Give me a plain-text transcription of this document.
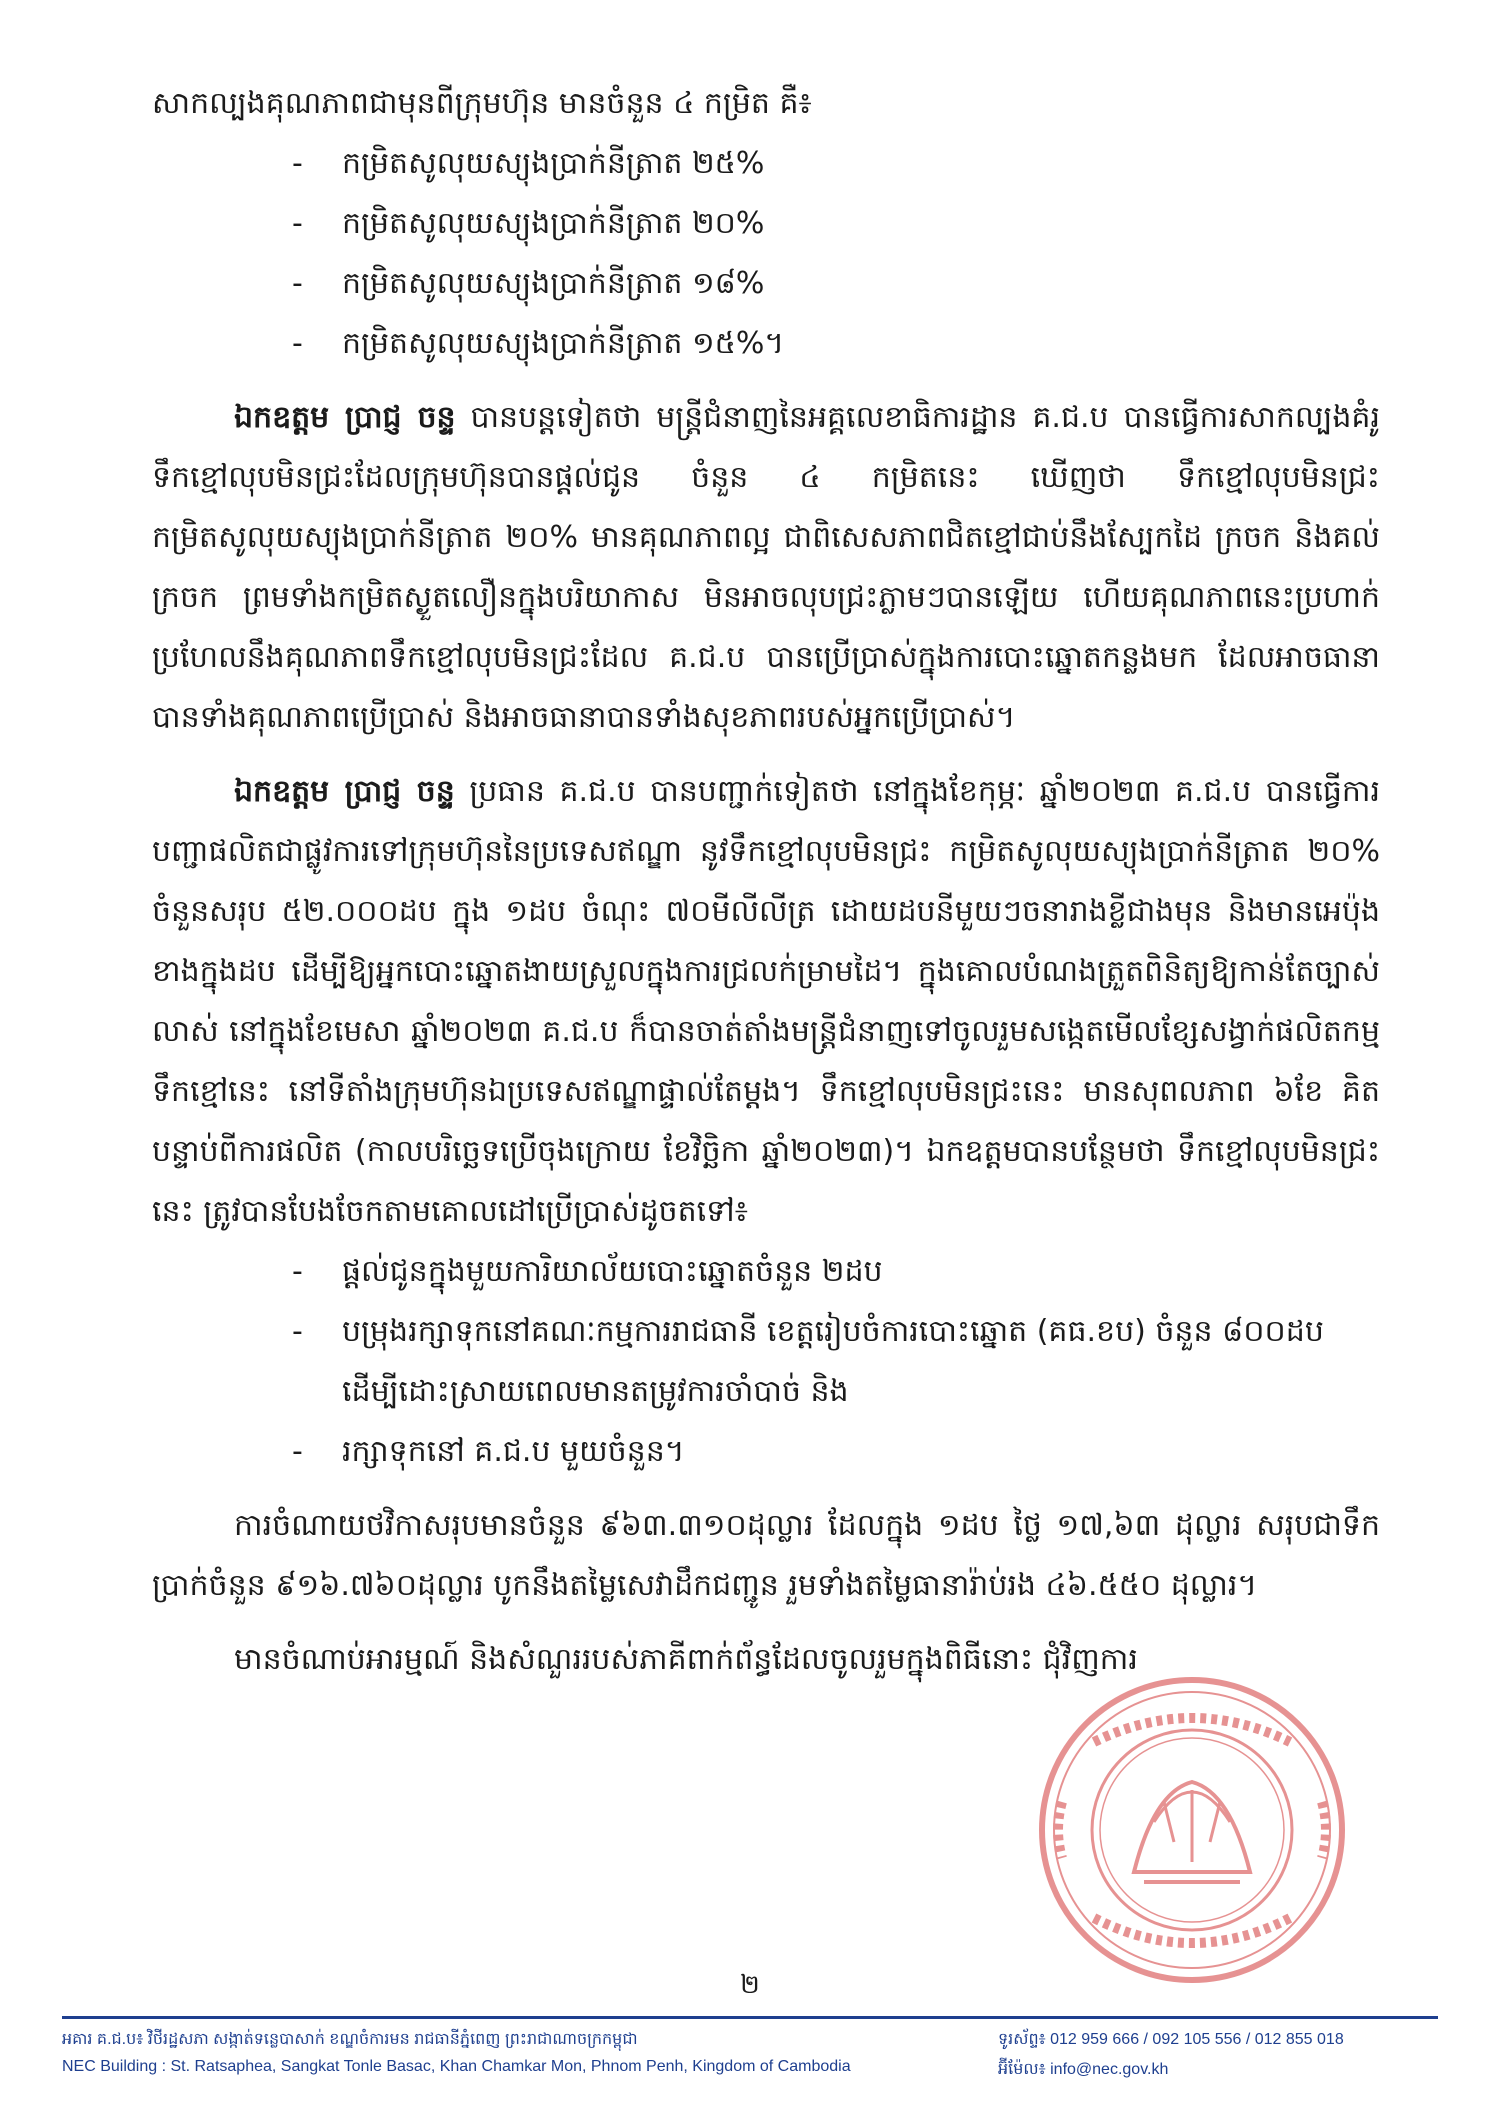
សាកល្បងគុណភាពជាមុនពីក្រុមហ៊ុន មានចំនួន ៤ កម្រិត គឺ៖

- កម្រិតសូលុយស្យុងប្រាក់នីត្រាត ២៥%
- កម្រិតសូលុយស្យុងប្រាក់នីត្រាត ២០%
- កម្រិតសូលុយស្យុងប្រាក់នីត្រាត ១៨%
- កម្រិតសូលុយស្យុងប្រាក់នីត្រាត ១៥%។

ឯកឧត្តម ប្រាជ្ញ ចន្ទ បានបន្តទៀតថា មន្ត្រីជំនាញនៃអគ្គលេខាធិការដ្ឋាន គ.ជ.ប បានធ្វើការសាកល្បងគំរូទឹកខ្មៅលុបមិនជ្រះដែលក្រុមហ៊ុនបានផ្តល់ជូន ចំនួន ៤ កម្រិតនេះ ឃើញថា ទឹកខ្មៅលុបមិនជ្រះកម្រិតសូលុយស្យុងប្រាក់នីត្រាត ២០% មានគុណភាពល្អ ជាពិសេសភាពជិតខ្មៅជាប់នឹងស្បែកដៃ ក្រចក និងគល់ក្រចក ព្រមទាំងកម្រិតស្ងួតលឿនក្នុងបរិយាកាស មិនអាចលុបជ្រះភ្លាមៗបានឡើយ ហើយគុណភាពនេះប្រហាក់ប្រហែលនឹងគុណភាពទឹកខ្មៅលុបមិនជ្រះដែល គ.ជ.ប បានប្រើប្រាស់ក្នុងការបោះឆ្នោតកន្លងមក ដែលអាចធានាបានទាំងគុណភាពប្រើប្រាស់ និងអាចធានាបានទាំងសុខភាពរបស់អ្នកប្រើប្រាស់។

ឯកឧត្តម ប្រាជ្ញ ចន្ទ ប្រធាន គ.ជ.ប បានបញ្ជាក់ទៀតថា នៅក្នុងខែកុម្ភៈ ឆ្នាំ២០២៣ គ.ជ.ប បានធ្វើការបញ្ជាផលិតជាផ្លូវការទៅក្រុមហ៊ុននៃប្រទេសឥណ្ឌា នូវទឹកខ្មៅលុបមិនជ្រះ កម្រិតសូលុយស្យុងប្រាក់នីត្រាត ២០% ចំនួនសរុប ៥២.០០០ដប ក្នុង ១ដប ចំណុះ ៧០មីលីលីត្រ ដោយដបនីមួយៗចនារាងខ្លីជាងមុន និងមានអេប៉ុងខាងក្នុងដប ដើម្បីឱ្យអ្នកបោះឆ្នោតងាយស្រួលក្នុងការជ្រលក់ម្រាមដៃ។ ក្នុងគោលបំណងត្រួតពិនិត្យឱ្យកាន់តែច្បាស់លាស់ នៅក្នុងខែមេសា ឆ្នាំ២០២៣ គ.ជ.ប ក៏បានចាត់តាំងមន្ត្រីជំនាញទៅចូលរួមសង្កេតមើលខ្សែសង្វាក់ផលិតកម្មទឹកខ្មៅនេះ នៅទីតាំងក្រុមហ៊ុនឯប្រទេសឥណ្ឌាផ្ទាល់តែម្តង។ ទឹកខ្មៅលុបមិនជ្រះនេះ មានសុពលភាព ៦ខែ គិតបន្ទាប់ពីការផលិត (កាលបរិច្ឆេទប្រើចុងក្រោយ ខែវិច្ឆិកា ឆ្នាំ២០២៣)។ ឯកឧត្តមបានបន្ថែមថា ទឹកខ្មៅលុបមិនជ្រះនេះ ត្រូវបានបែងចែកតាមគោលដៅប្រើប្រាស់ដូចតទៅ៖

- ផ្តល់ជូនក្នុងមួយការិយាល័យបោះឆ្នោតចំនួន ២ដប
- បម្រុងរក្សាទុកនៅគណៈកម្មការរាជធានី ខេត្តរៀបចំការបោះឆ្នោត (គធ.ខប) ចំនួន ៨០០ដប ដើម្បីដោះស្រាយពេលមានតម្រូវការចាំបាច់ និង
- រក្សាទុកនៅ គ.ជ.ប មួយចំនួន។

ការចំណាយថវិកាសរុបមានចំនួន ៩៦៣.៣១០ដុល្លារ ដែលក្នុង ១ដប ថ្លៃ ១៧,៦៣ ដុល្លារ សរុបជាទឹកប្រាក់ចំនួន ៩១៦.៧៦០ដុល្លារ បូកនឹងតម្លៃសេវាដឹកជញ្ជូន រួមទាំងតម្លៃធានារ៉ាប់រង ៤៦.៥៥០ ដុល្លារ។

មានចំណាប់អារម្មណ៍ និងសំណួររបស់ភាគីពាក់ព័ន្ធដែលចូលរួមក្នុងពិធីនោះ ជុំវិញការ

២
អគារ គ.ជ.ប៖ វិថីរដ្ឋសភា សង្កាត់ទន្លេបាសាក់ ខណ្ឌចំការមន រាជធានីភ្នំពេញ ព្រះរាជាណាចក្រកម្ពុជា	ទូរស័ព្ទ៖ 012 959 666 / 092 105 556 / 012 855 018
NEC Building : St. Ratsaphea, Sangkat Tonle Basac, Khan Chamkar Mon, Phnom Penh, Kingdom of Cambodia	អ៊ីម៉ែល៖ info@nec.gov.kh
